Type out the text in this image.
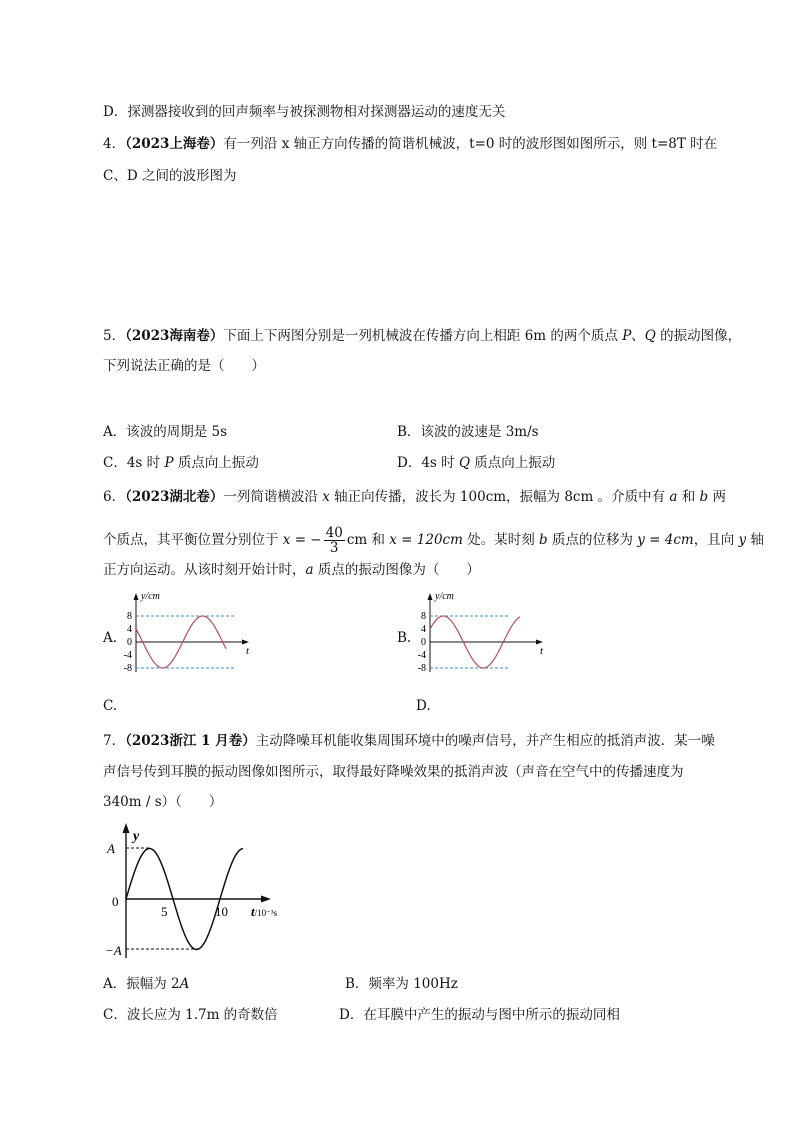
D．探测器接收到的回声频率与被探测物相对探测器运动的速度无关
4．（2023上海卷）有一列沿 x 轴正方向传播的简谐机械波，t=0 时的波形图如图所示，则 t=8T 时在
C、D 之间的波形图为
5．（2023海南卷）下面上下两图分别是一列机械波在传播方向上相距 6m 的两个质点 P、Q 的振动图像，
下列说法正确的是（　　）
A．该波的周期是 5s	B．该波的波速是 3m/s
C．4s 时 P 质点向上振动	D．4s 时 Q 质点向上振动
6．（2023湖北卷）一列简谐横波沿 x 轴正向传播，波长为 100cm，振幅为 8cm 。介质中有 a 和 b 两
个质点，其平衡位置分别位于 x = − $\frac{40}{3}$ cm 和 x = 120cm 处。某时刻 b 质点的位移为 y = 4cm，且向 y 轴
正方向运动。从该时刻开始计时，a 质点的振动图像为（　　）
A.
y/cm
t
8
4
0
-4
-8
B.
y/cm
t
8
4
0
-4
-8
C.	D.
7．（2023浙江 1 月卷）主动降噪耳机能收集周围环境中的噪声信号，并产生相应的抵消声波．某一噪
声信号传到耳膜的振动图像如图所示，取得最好降噪效果的抵消声波（声音在空气中的传播速度为
340m / s）（　　）
y
A
−A
0
5	10 t/10⁻³s
A．振幅为 2A	B．频率为 100Hz
C．波长应为 1.7m 的奇数倍	D．在耳膜中产生的振动与图中所示的振动同相
